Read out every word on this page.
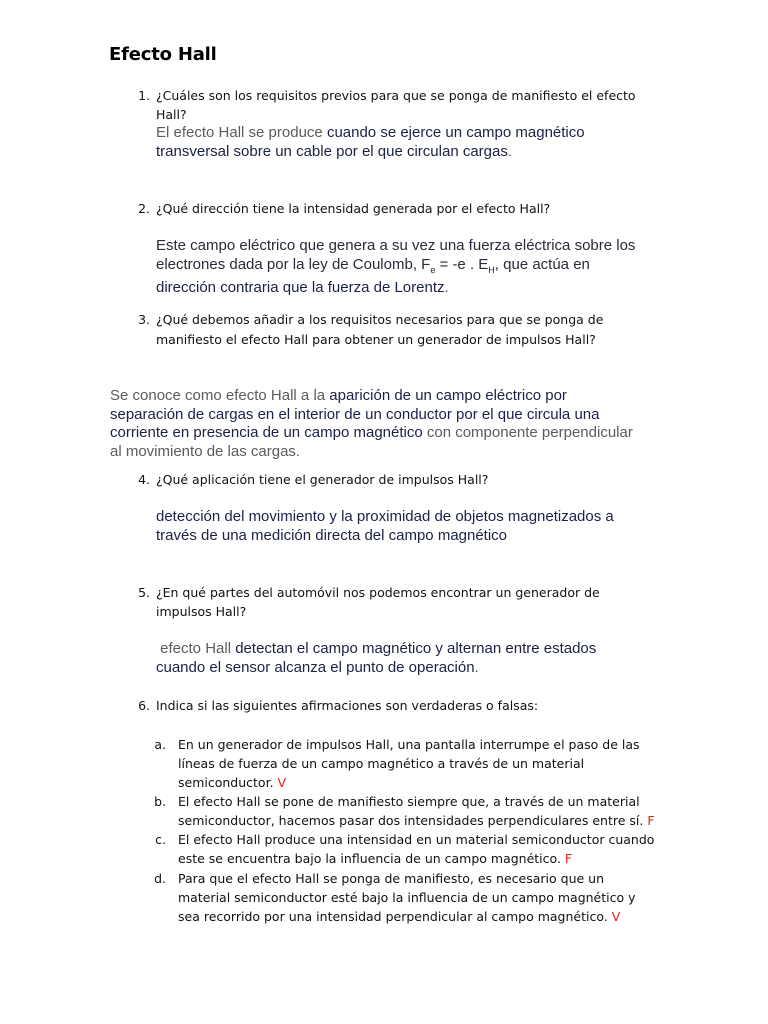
Efecto Hall
1. ¿Cuáles son los requisitos previos para que se ponga de manifiesto el efecto
Hall?
El efecto Hall se produce cuando se ejerce un campo magnético
transversal sobre un cable por el que circulan cargas.
2. ¿Qué dirección tiene la intensidad generada por el efecto Hall?
Este campo eléctrico que genera a su vez una fuerza eléctrica sobre los
electrones dada por la ley de Coulomb, $F_e = -e$ . $E_H$, que actúa en
dirección contraria que la fuerza de Lorentz.
3. ¿Qué debemos añadir a los requisitos necesarios para que se ponga de
manifiesto el efecto Hall para obtener un generador de impulsos Hall?
Se conoce como efecto Hall a la aparición de un campo eléctrico por
separación de cargas en el interior de un conductor por el que circula una
corriente en presencia de un campo magnético con componente perpendicular
al movimiento de las cargas.
4. ¿Qué aplicación tiene el generador de impulsos Hall?
detección del movimiento y la proximidad de objetos magnetizados a
través de una medición directa del campo magnético
5. ¿En qué partes del automóvil nos podemos encontrar un generador de
impulsos Hall?
efecto Hall detectan el campo magnético y alternan entre estados
cuando el sensor alcanza el punto de operación.
6. Indica si las siguientes afirmaciones son verdaderas o falsas:
a. En un generador de impulsos Hall, una pantalla interrumpe el paso de las
líneas de fuerza de un campo magnético a través de un material
semiconductor. V
b. El efecto Hall se pone de manifiesto siempre que, a través de un material
semiconductor, hacemos pasar dos intensidades perpendiculares entre sí. F
c. El efecto Hall produce una intensidad en un material semiconductor cuando
este se encuentra bajo la influencia de un campo magnético. F
d. Para que el efecto Hall se ponga de manifiesto, es necesario que un
material semiconductor esté bajo la influencia de un campo magnético y
sea recorrido por una intensidad perpendicular al campo magnético. V
